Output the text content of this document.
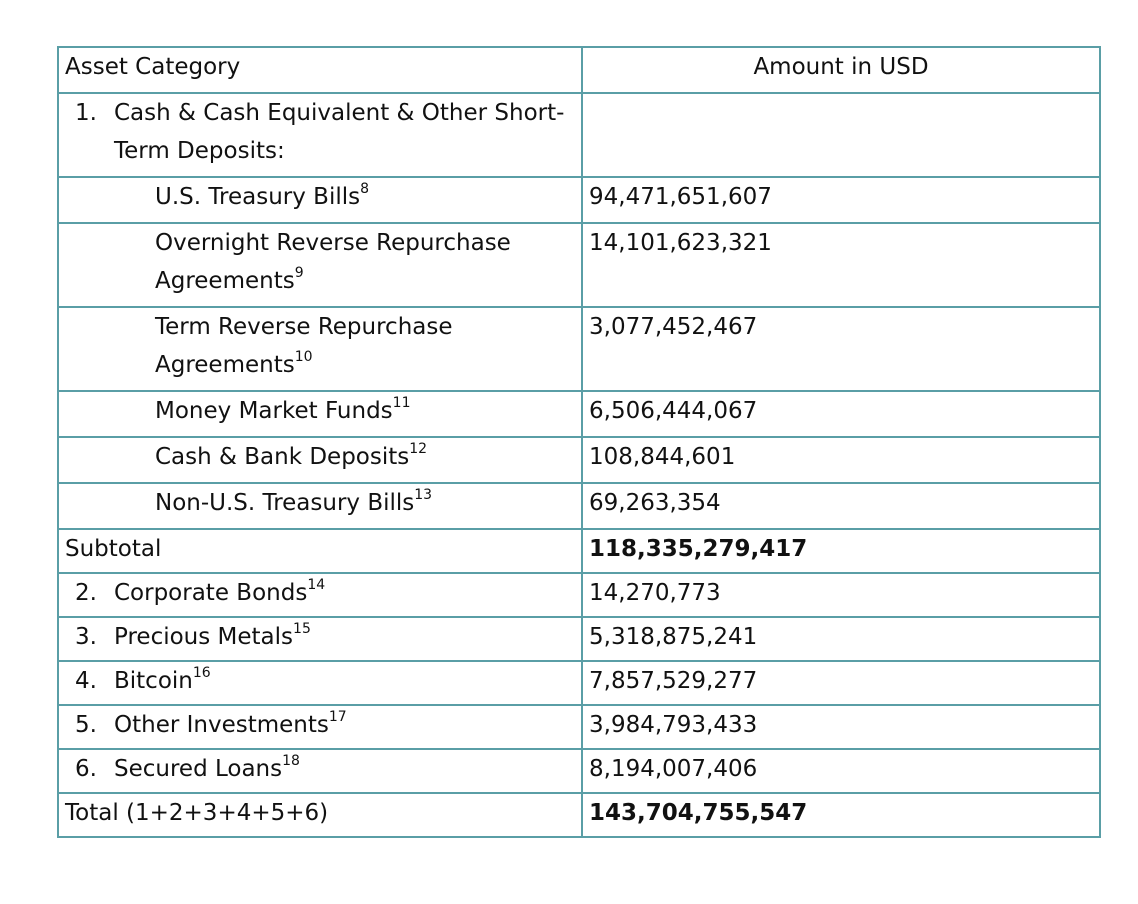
Asset Category	Amount in USD

1. Cash & Cash Equivalent & Other Short-Term Deposits:	

U.S. Treasury Bills$^8$	94,471,651,607
Overnight Reverse Repurchase Agreements$^9$	14,101,623,321
Term Reverse Repurchase Agreements$^{10}$	3,077,452,467
Money Market Funds$^{11}$	6,506,444,067
Cash & Bank Deposits$^{12}$	108,844,601
Non-U.S. Treasury Bills$^{13}$	69,263,354
Subtotal	118,335,279,417
2. Corporate Bonds$^{14}$	14,270,773
3. Precious Metals$^{15}$	5,318,875,241
4. Bitcoin$^{16}$	7,857,529,277
5. Other Investments$^{17}$	3,984,793,433
6. Secured Loans$^{18}$	8,194,007,406
Total (1+2+3+4+5+6)	143,704,755,547
